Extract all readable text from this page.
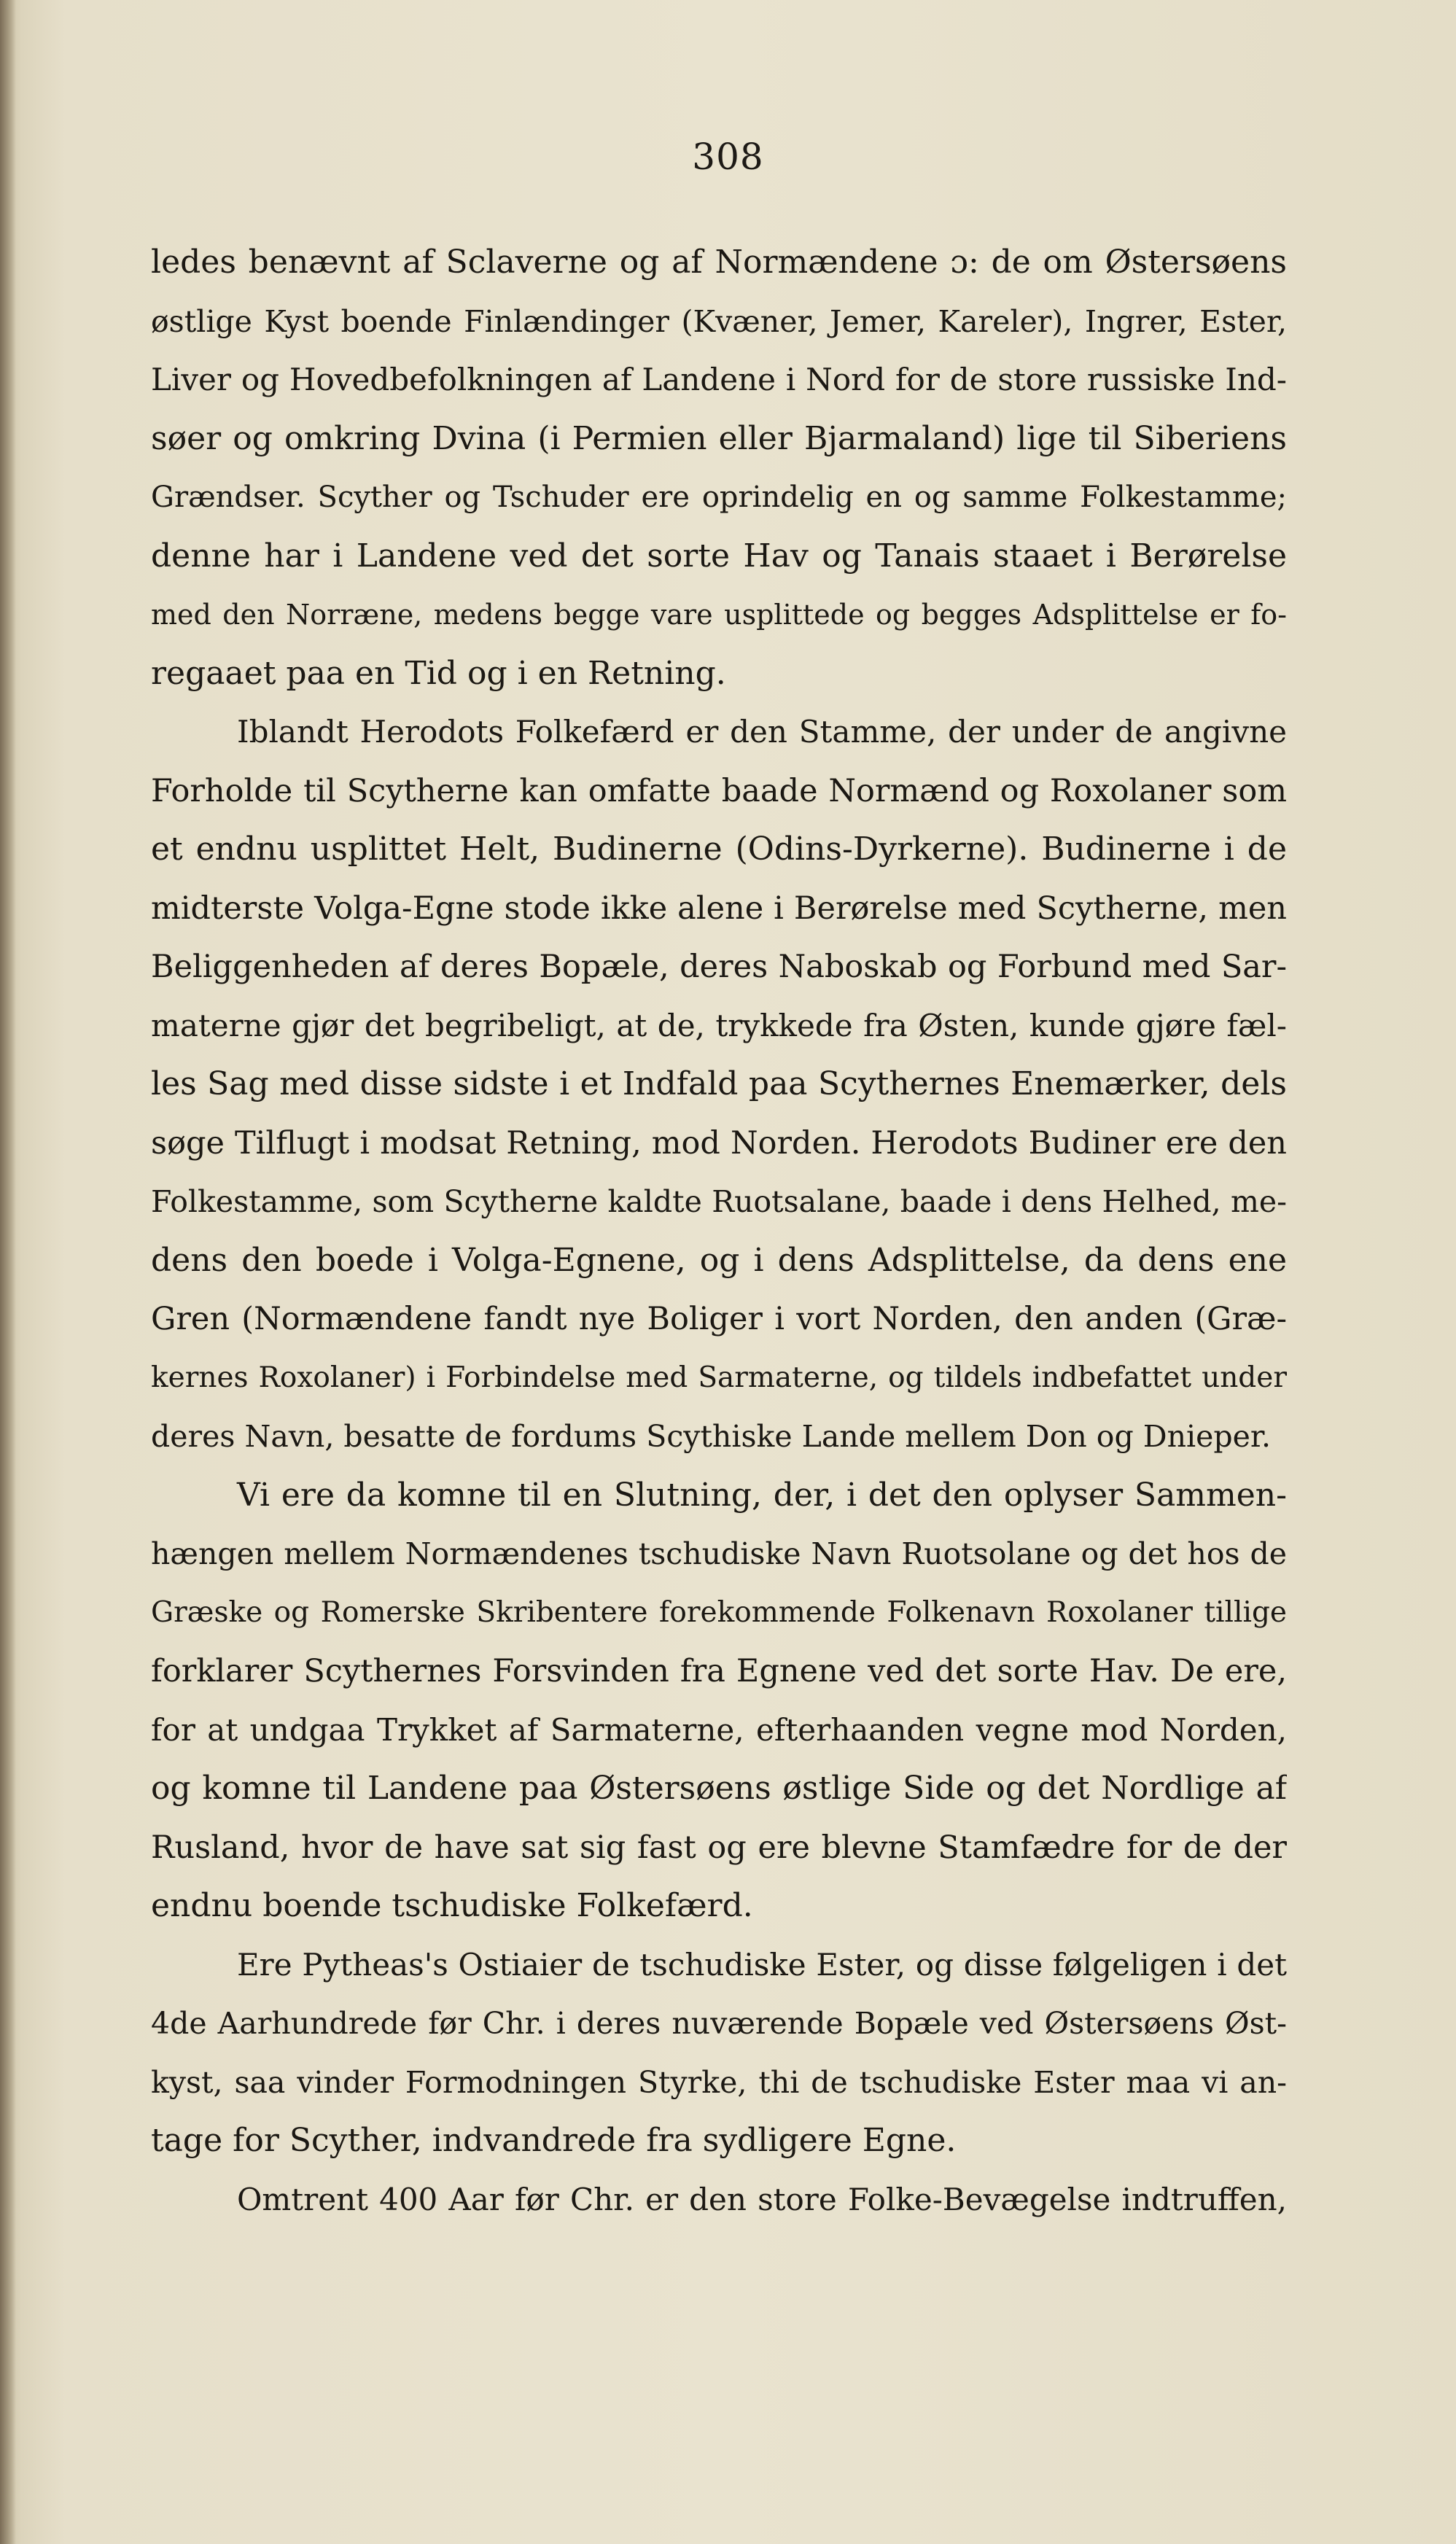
308
ledes benævnt af Sclaverne og af Normændene ɔ: de om Østersøens
østlige Kyst boende Finlændinger (Kvæner, Jemer, Kareler), Ingrer, Ester,
Liver og Hovedbefolkningen af Landene i Nord for de store russiske Ind-
søer og omkring Dvina (i Permien eller Bjarmaland) lige til Siberiens
Grændser. Scyther og Tschuder ere oprindelig en og samme Folkestamme;
denne har i Landene ved det sorte Hav og Tanais staaet i Berørelse
med den Norræne, medens begge vare usplittede og begges Adsplittelse er fo-
regaaet paa en Tid og i en Retning.
Iblandt Herodots Folkefærd er den Stamme, der under de angivne
Forholde til Scytherne kan omfatte baade Normænd og Roxolaner som
et endnu usplittet Helt, Budinerne (Odins-Dyrkerne). Budinerne i de
midterste Volga-Egne stode ikke alene i Berørelse med Scytherne, men
Beliggenheden af deres Bopæle, deres Naboskab og Forbund med Sar-
materne gjør det begribeligt, at de, trykkede fra Østen, kunde gjøre fæl-
les Sag med disse sidste i et Indfald paa Scythernes Enemærker, dels
søge Tilflugt i modsat Retning, mod Norden. Herodots Budiner ere den
Folkestamme, som Scytherne kaldte Ruotsalane, baade i dens Helhed, me-
dens den boede i Volga-Egnene, og i dens Adsplittelse, da dens ene
Gren (Normændene fandt nye Boliger i vort Norden, den anden (Græ-
kernes Roxolaner) i Forbindelse med Sarmaterne, og tildels indbefattet under
deres Navn, besatte de fordums Scythiske Lande mellem Don og Dnieper.
Vi ere da komne til en Slutning, der, i det den oplyser Sammen-
hængen mellem Normændenes tschudiske Navn Ruotsolane og det hos de
Græske og Romerske Skribentere forekommende Folkenavn Roxolaner tillige
forklarer Scythernes Forsvinden fra Egnene ved det sorte Hav. De ere,
for at undgaa Trykket af Sarmaterne, efterhaanden vegne mod Norden,
og komne til Landene paa Østersøens østlige Side og det Nordlige af
Rusland, hvor de have sat sig fast og ere blevne Stamfædre for de der
endnu boende tschudiske Folkefærd.
Ere Pytheas's Ostiaier de tschudiske Ester, og disse følgeligen i det
4de Aarhundrede før Chr. i deres nuværende Bopæle ved Østersøens Øst-
kyst, saa vinder Formodningen Styrke, thi de tschudiske Ester maa vi an-
tage for Scyther, indvandrede fra sydligere Egne.
Omtrent 400 Aar før Chr. er den store Folke-Bevægelse indtruffen,
